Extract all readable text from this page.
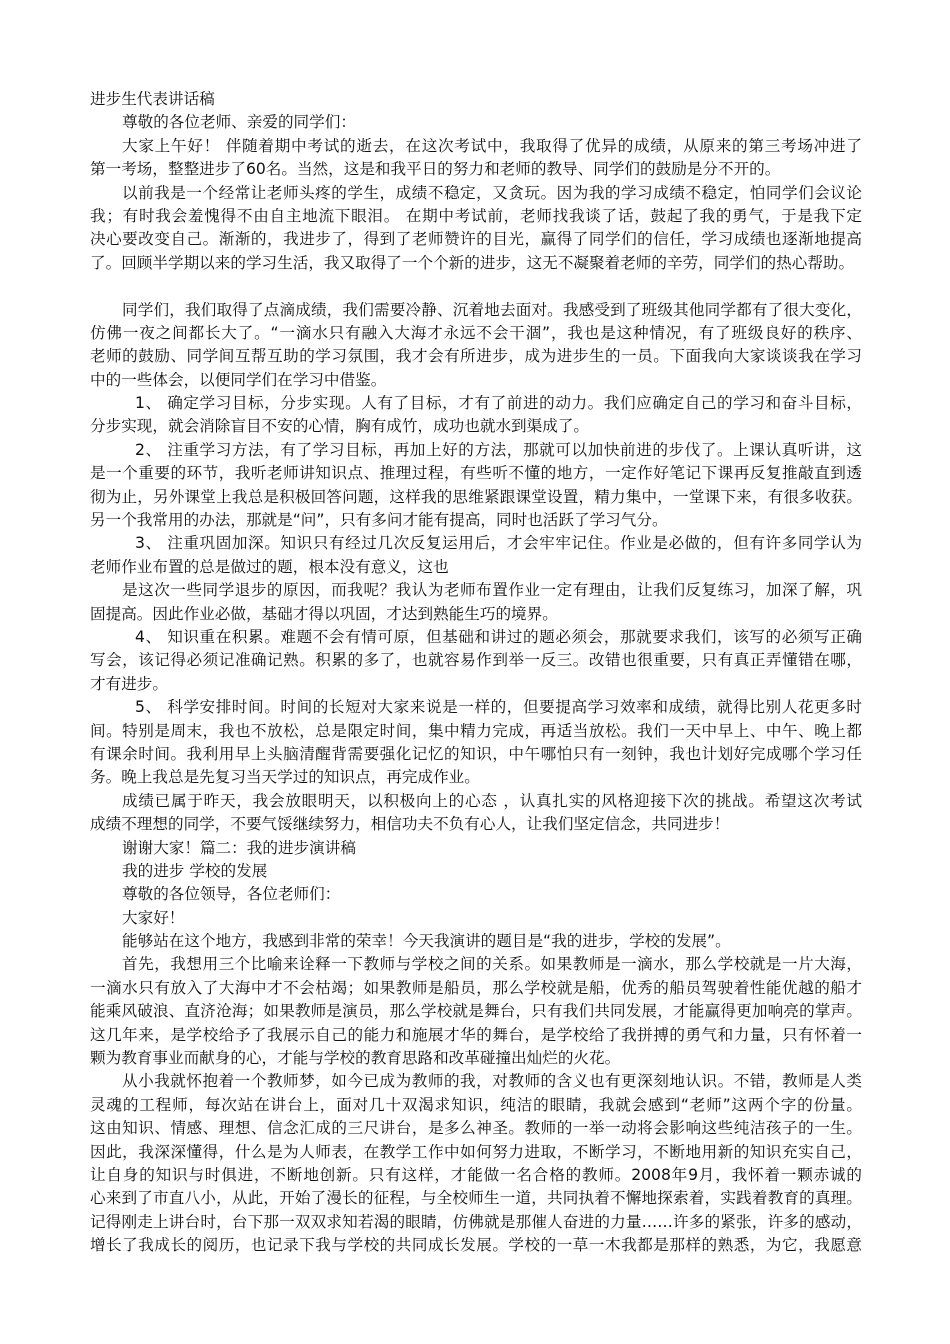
进步生代表讲话稿
尊敬的各位老师、亲爱的同学们：
大家上午好！ 伴随着期中考试的逝去，在这次考试中，我取得了优异的成绩，从原来的第三考场冲进了
第一考场，整整进步了60名。当然，这是和我平日的努力和老师的教导、同学们的鼓励是分不开的。
以前我是一个经常让老师头疼的学生，成绩不稳定，又贪玩。因为我的学习成绩不稳定，怕同学们会议论
我；有时我会羞愧得不由自主地流下眼泪。 在期中考试前，老师找我谈了话，鼓起了我的勇气，于是我下定
决心要改变自己。渐渐的，我进步了，得到了老师赞许的目光，赢得了同学们的信任，学习成绩也逐渐地提高
了。回顾半学期以来的学习生活，我又取得了一个个新的进步，这无不凝聚着老师的辛劳，同学们的热心帮助。
同学们，我们取得了点滴成绩，我们需要冷静、沉着地去面对。我感受到了班级其他同学都有了很大变化，
仿佛一夜之间都长大了。“一滴水只有融入大海才永远不会干涸”，我也是这种情况，有了班级良好的秩序、
老师的鼓励、同学间互帮互助的学习氛围，我才会有所进步，成为进步生的一员。下面我向大家谈谈我在学习
中的一些体会，以便同学们在学习中借鉴。
1、 确定学习目标，分步实现。人有了目标，才有了前进的动力。我们应确定自己的学习和奋斗目标，
分步实现，就会消除盲目不安的心情，胸有成竹，成功也就水到渠成了。
2、 注重学习方法，有了学习目标，再加上好的方法，那就可以加快前进的步伐了。上课认真听讲，这
是一个重要的环节，我听老师讲知识点、推理过程，有些听不懂的地方，一定作好笔记下课再反复推敲直到透
彻为止，另外课堂上我总是积极回答问题，这样我的思维紧跟课堂设置，精力集中，一堂课下来，有很多收获。
另一个我常用的办法，那就是“问”，只有多问才能有提高，同时也活跃了学习气分。
3、 注重巩固加深。知识只有经过几次反复运用后，才会牢牢记住。作业是必做的，但有许多同学认为
老师作业布置的总是做过的题，根本没有意义，这也
是这次一些同学退步的原因，而我呢？我认为老师布置作业一定有理由，让我们反复练习，加深了解，巩
固提高。因此作业必做，基础才得以巩固，才达到熟能生巧的境界。
4、 知识重在积累。难题不会有情可原，但基础和讲过的题必须会，那就要求我们，该写的必须写正确
写会，该记得必须记准确记熟。积累的多了，也就容易作到举一反三。改错也很重要，只有真正弄懂错在哪，
才有进步。
5、 科学安排时间。时间的长短对大家来说是一样的，但要提高学习效率和成绩，就得比别人花更多时
间。特别是周末，我也不放松，总是限定时间，集中精力完成，再适当放松。我们一天中早上、中午、晚上都
有课余时间。我利用早上头脑清醒背需要强化记忆的知识，中午哪怕只有一刻钟，我也计划好完成哪个学习任
务。晚上我总是先复习当天学过的知识点，再完成作业。
成绩已属于昨天，我会放眼明天，以积极向上的心态 ，认真扎实的风格迎接下次的挑战。希望这次考试
成绩不理想的同学，不要气馁继续努力，相信功夫不负有心人，让我们坚定信念，共同进步！
谢谢大家！篇二：我的进步演讲稿
我的进步 学校的发展
尊敬的各位领导，各位老师们：
大家好！
能够站在这个地方，我感到非常的荣幸！今天我演讲的题目是“我的进步，学校的发展”。
首先，我想用三个比喻来诠释一下教师与学校之间的关系。如果教师是一滴水，那么学校就是一片大海，
一滴水只有放入了大海中才不会枯竭；如果教师是船员，那么学校就是船，优秀的船员驾驶着性能优越的船才
能乘风破浪、直济沧海；如果教师是演员，那么学校就是舞台，只有我们共同发展，才能赢得更加响亮的掌声。
这几年来，是学校给予了我展示自己的能力和施展才华的舞台，是学校给了我拼搏的勇气和力量，只有怀着一
颗为教育事业而献身的心，才能与学校的教育思路和改革碰撞出灿烂的火花。
从小我就怀抱着一个教师梦，如今已成为教师的我，对教师的含义也有更深刻地认识。不错，教师是人类
灵魂的工程师，每次站在讲台上，面对几十双渴求知识，纯洁的眼睛，我就会感到“老师”这两个字的份量。
这由知识、情感、理想、信念汇成的三尺讲台，是多么神圣。教师的一举一动将会影响这些纯洁孩子的一生。
因此，我深深懂得，什么是为人师表，在教学工作中如何努力进取，不断学习，不断地用新的知识充实自己，
让自身的知识与时俱进，不断地创新。只有这样，才能做一名合格的教师。2008年9月，我怀着一颗赤诚的
心来到了市直八小，从此，开始了漫长的征程，与全校师生一道，共同执着不懈地探索着，实践着教育的真理。
记得刚走上讲台时，台下那一双双求知若渴的眼睛，仿佛就是那催人奋进的力量……许多的紧张，许多的感动，
增长了我成长的阅历，也记录下我与学校的共同成长发展。学校的一草一木我都是那样的熟悉，为它，我愿意
